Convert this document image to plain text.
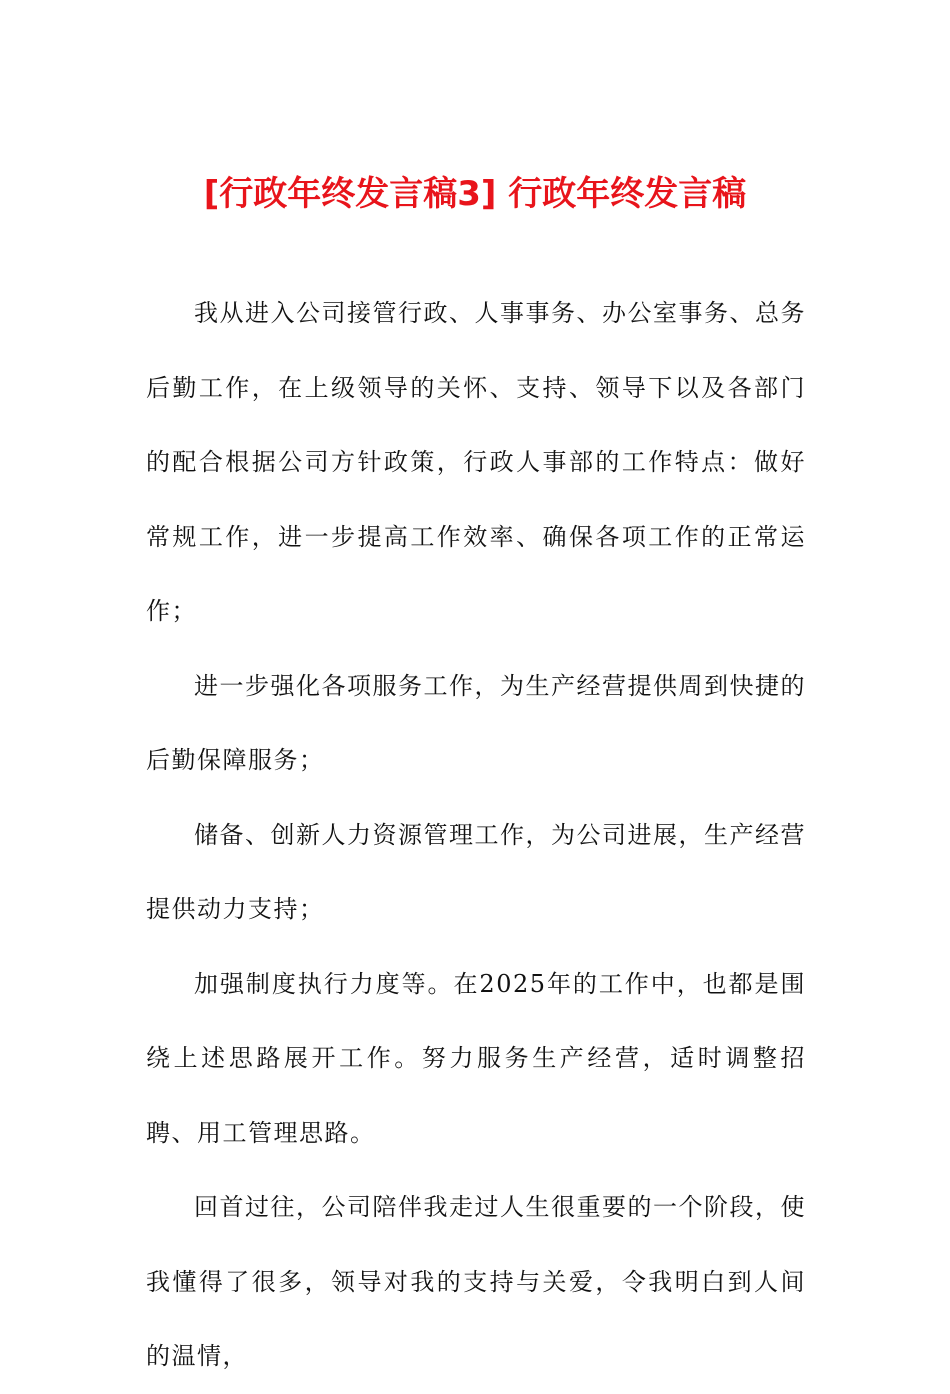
[行政年终发言稿3] 行政年终发言稿

我从进入公司接管行政、人事事务、办公室事务、总务后勤工作，在上级领导的关怀、支持、领导下以及各部门的配合根据公司方针政策，行政人事部的工作特点：做好常规工作，进一步提高工作效率、确保各项工作的正常运作；

进一步强化各项服务工作，为生产经营提供周到快捷的后勤保障服务；

储备、创新人力资源管理工作，为公司进展，生产经营提供动力支持；

加强制度执行力度等。在2025年的工作中，也都是围绕上述思路展开工作。努力服务生产经营，适时调整招聘、用工管理思路。

回首过往，公司陪伴我走过人生很重要的一个阶段，使我懂得了很多，领导对我的支持与关爱，令我明白到人间的温情，
